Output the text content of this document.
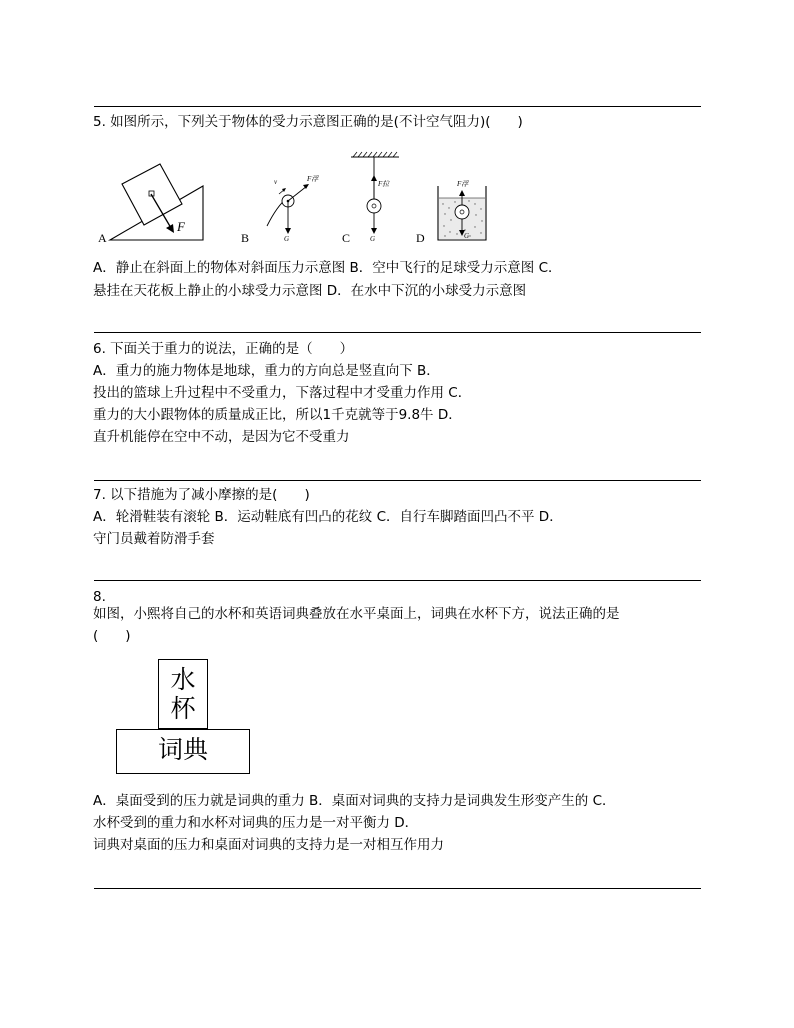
5. 如图所示，下列关于物体的受力示意图正确的是(不计空气阻力)(　　)
F
A
v	F浮
G
B
F拉
G
C
F浮
G
D
A．静止在斜面上的物体对斜面压力示意图 B．空中飞行的足球受力示意图 C．
悬挂在天花板上静止的小球受力示意图 D．在水中下沉的小球受力示意图
6. 下面关于重力的说法，正确的是（　　）
A．重力的施力物体是地球，重力的方向总是竖直向下 B．
投出的篮球上升过程中不受重力，下落过程中才受重力作用 C．
重力的大小跟物体的质量成正比，所以1千克就等于9.8牛 D．
直升机能停在空中不动，是因为它不受重力
7. 以下措施为了减小摩擦的是(　　)
A．轮滑鞋装有滚轮 B．运动鞋底有凹凸的花纹 C．自行车脚踏面凹凸不平 D．
守门员戴着防滑手套
8.
如图，小熙将自己的水杯和英语词典叠放在水平桌面上，词典在水杯下方，说法正确的是
(　　)
水
杯
词典
A．桌面受到的压力就是词典的重力 B．桌面对词典的支持力是词典发生形变产生的 C．
水杯受到的重力和水杯对词典的压力是一对平衡力 D．
词典对桌面的压力和桌面对词典的支持力是一对相互作用力
